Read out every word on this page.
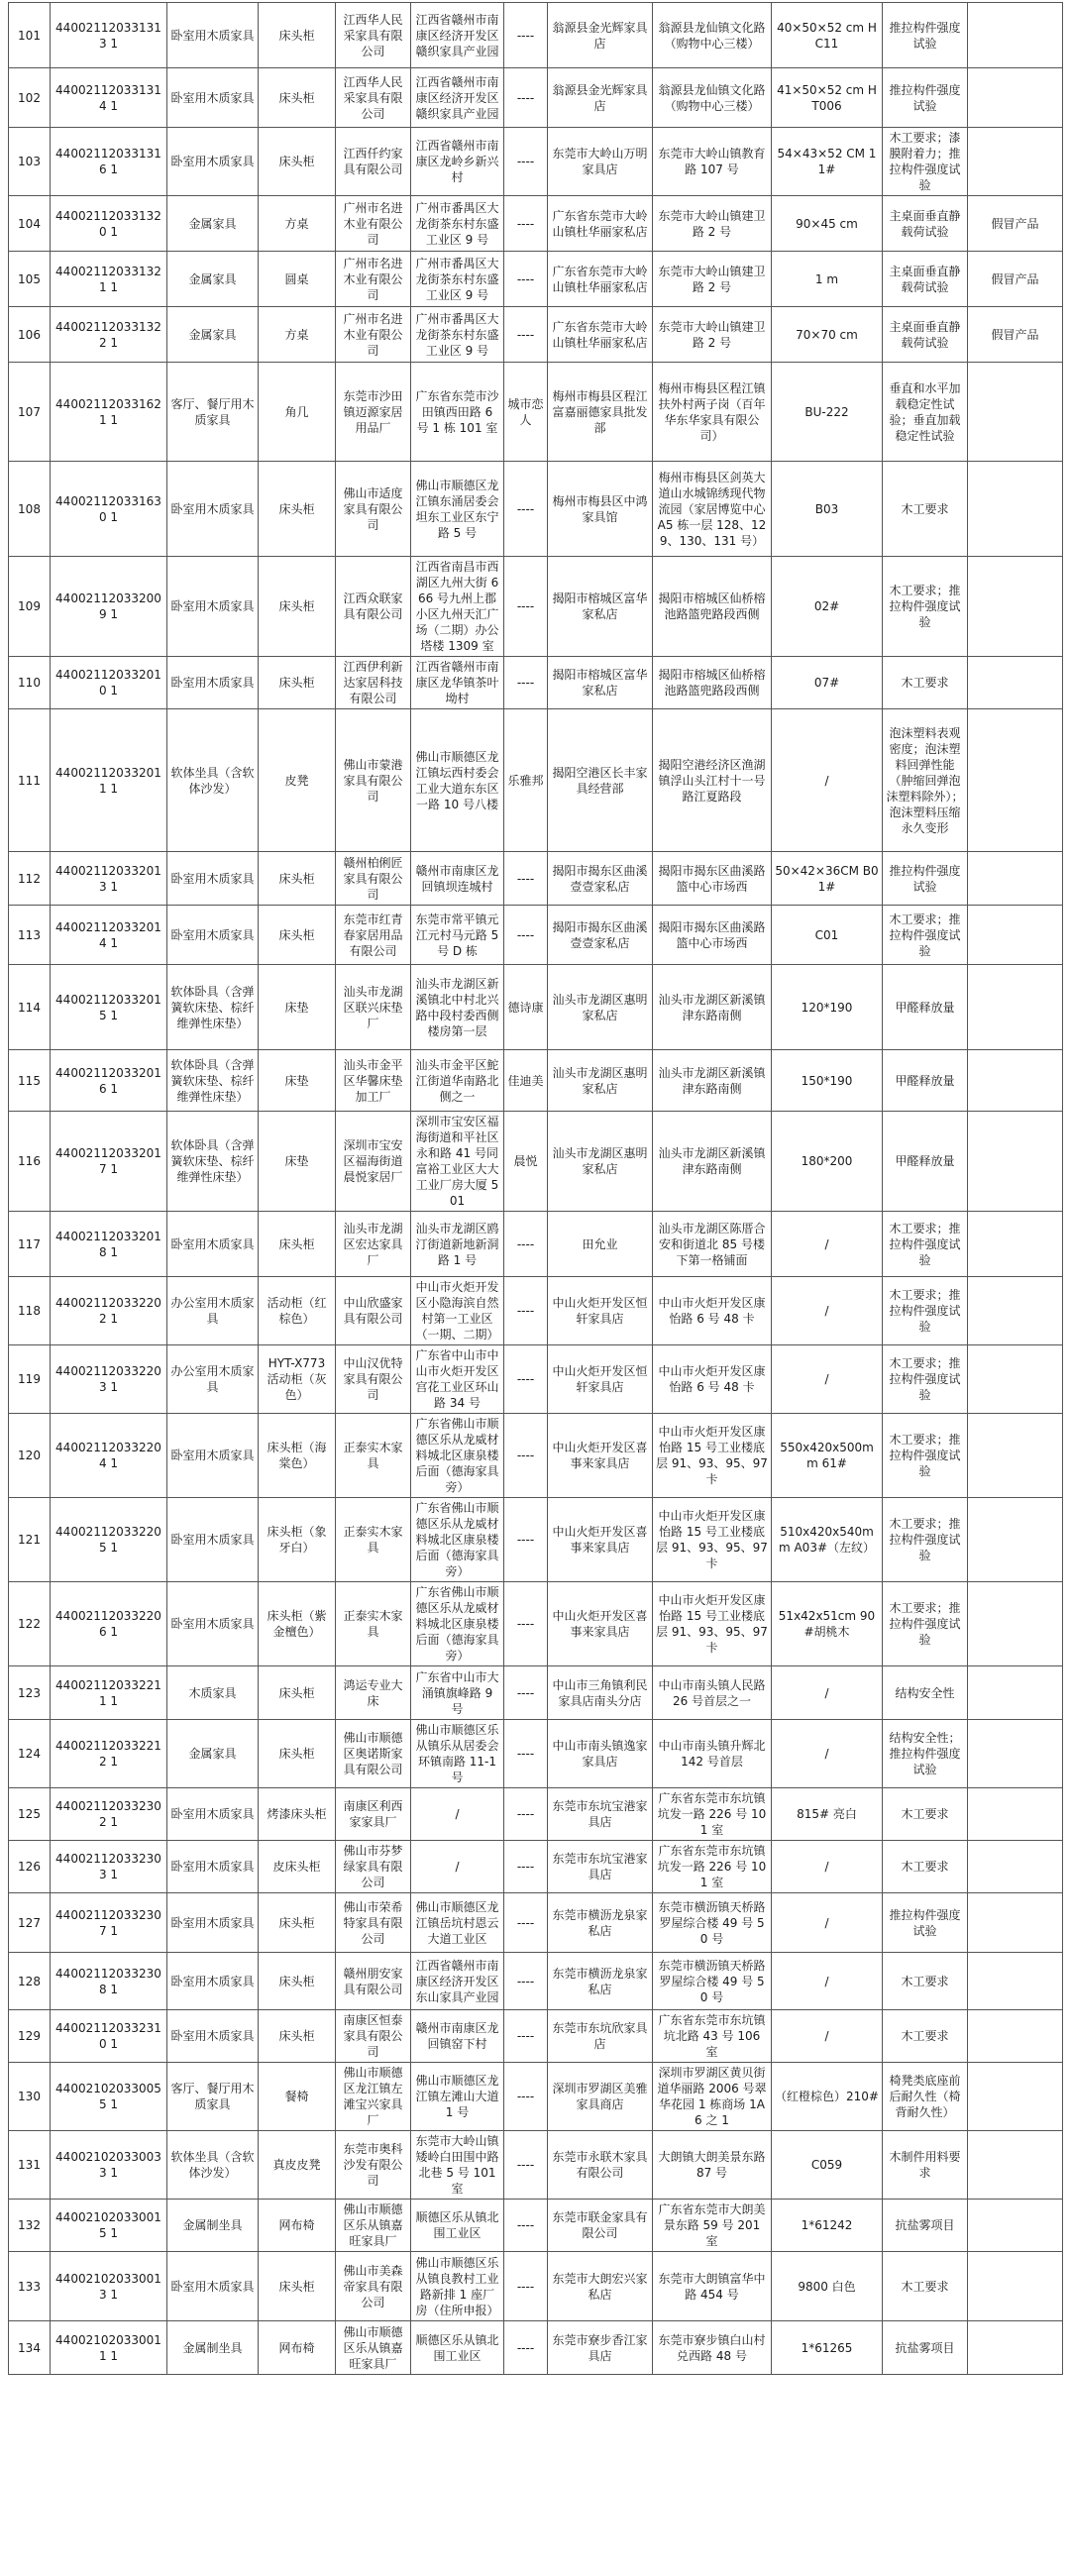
101	440021120331313 1	卧室用木质家具	床头柜	江西华人民采家具有限公司	江西省赣州市南康区经济开发区赣织家具产业园	----	翁源县金光辉家具店	翁源县龙仙镇文化路（购物中心三楼）	40×50×52 cm HC11	推拉构件强度试验	
102	440021120331314 1	卧室用木质家具	床头柜	江西华人民采家具有限公司	江西省赣州市南康区经济开发区赣织家具产业园	----	翁源县金光辉家具店	翁源县龙仙镇文化路（购物中心三楼）	41×50×52 cm HT006	推拉构件强度试验	
103	440021120331316 1	卧室用木质家具	床头柜	江西仟约家具有限公司	江西省赣州市南康区龙岭乡新兴村	----	东莞市大岭山万明家具店	东莞市大岭山镇教育路 107 号	54×43×52 CM 11#	木工要求；漆膜附着力；推拉构件强度试验	
104	440021120331320 1	金属家具	方桌	广州市名进木业有限公司	广州市番禺区大龙街茶东村东盛工业区 9 号	----	广东省东莞市大岭山镇杜华丽家私店	东莞市大岭山镇建卫路 2 号	90×45 cm	主桌面垂直静载荷试验	假冒产品
105	440021120331321 1	金属家具	圆桌	广州市名进木业有限公司	广州市番禺区大龙街茶东村东盛工业区 9 号	----	广东省东莞市大岭山镇杜华丽家私店	东莞市大岭山镇建卫路 2 号	1 m	主桌面垂直静载荷试验	假冒产品
106	440021120331322 1	金属家具	方桌	广州市名进木业有限公司	广州市番禺区大龙街茶东村东盛工业区 9 号	----	广东省东莞市大岭山镇杜华丽家私店	东莞市大岭山镇建卫路 2 号	70×70 cm	主桌面垂直静载荷试验	假冒产品
107	440021120331621 1	客厅、餐厅用木质家具	角几	东莞市沙田镇迈源家居用品厂	广东省东莞市沙田镇西田路 6 号 1 栋 101 室	城市恋人	梅州市梅县区程江富嘉丽德家具批发部	梅州市梅县区程江镇扶外村两子岗（百年华东华家具有限公司）	BU-222	垂直和水平加载稳定性试验；垂直加载稳定性试验	
108	440021120331630 1	卧室用木质家具	床头柜	佛山市适度家具有限公司	佛山市顺德区龙江镇东涌居委会坦东工业区东宁路 5 号	----	梅州市梅县区中鸿家具馆	梅州市梅县区剑英大道山水城锦绣现代物流园（家居博览中心 A5 栋一层 128、129、130、131 号）	B03	木工要求	
109	440021120332009 1	卧室用木质家具	床头柜	江西众联家具有限公司	江西省南昌市西湖区九州大街 666 号九州上郡小区九州天汇广场（二期）办公塔楼 1309 室	----	揭阳市榕城区富华家私店	揭阳市榕城区仙桥榕池路篮兜路段西侧	02#	木工要求；推拉构件强度试验	
110	440021120332010 1	卧室用木质家具	床头柜	江西伊利新达家居科技有限公司	江西省赣州市南康区龙华镇茶叶坳村	----	揭阳市榕城区富华家私店	揭阳市榕城区仙桥榕池路篮兜路段西侧	07#	木工要求	
111	440021120332011 1	软体坐具（含软体沙发）	皮凳	佛山市蒙港家具有限公司	佛山市顺德区龙江镇坛西村委会工业大道东东区一路 10 号八楼	乐雅邦	揭阳空港区长丰家具经营部	揭阳空港经济区渔湖镇浮山头江村十一号路江夏路段	/	泡沫塑料表观密度；泡沫塑料回弹性能（肿缩回弹泡沫塑料除外）；泡沫塑料压缩永久变形	
112	440021120332013 1	卧室用木质家具	床头柜	赣州柏俐匠家具有限公司	赣州市南康区龙回镇坝连城村	----	揭阳市揭东区曲溪壹壹家私店	揭阳市揭东区曲溪路篮中心市场西	50×42×36CM B01#	推拉构件强度试验	
113	440021120332014 1	卧室用木质家具	床头柜	东莞市红青春家居用品有限公司	东莞市常平镇元江元村马元路 5 号 D 栋	----	揭阳市揭东区曲溪壹壹家私店	揭阳市揭东区曲溪路篮中心市场西	C01	木工要求；推拉构件强度试验	
114	440021120332015 1	软体卧具（含弹簧软床垫、棕纤维弹性床垫）	床垫	汕头市龙湖区联兴床垫厂	汕头市龙湖区新溪镇北中村北兴路中段村委西侧楼房第一层	德诗康	汕头市龙湖区惠明家私店	汕头市龙湖区新溪镇津东路南侧	120*190	甲醛释放量	
115	440021120332016 1	软体卧具（含弹簧软床垫、棕纤维弹性床垫）	床垫	汕头市金平区华馨床垫加工厂	汕头市金平区鮀江街道华南路北侧之一	佳迪美	汕头市龙湖区惠明家私店	汕头市龙湖区新溪镇津东路南侧	150*190	甲醛释放量	
116	440021120332017 1	软体卧具（含弹簧软床垫、棕纤维弹性床垫）	床垫	深圳市宝安区福海街道晨悦家居厂	深圳市宝安区福海街道和平社区永和路 41 号同富裕工业区大大工业厂房大厦 501	晨悦	汕头市龙湖区惠明家私店	汕头市龙湖区新溪镇津东路南侧	180*200	甲醛释放量	
117	440021120332018 1	卧室用木质家具	床头柜	汕头市龙湖区宏达家具厂	汕头市龙湖区鸥汀街道新地新洞路 1 号	----	田允业	汕头市龙湖区陈厝合安和街道北 85 号楼下第一格铺面	/	木工要求；推拉构件强度试验	
118	440021120332202 1	办公室用木质家具	活动柜（红棕色）	中山欣盛家具有限公司	中山市火炬开发区小隐海滨自然村第一工业区（一期、二期）	----	中山火炬开发区恒轩家具店	中山市火炬开发区康怡路 6 号 48 卡	/	木工要求；推拉构件强度试验	
119	440021120332203 1	办公室用木质家具	HYT-X773 活动柜（灰色）	中山汉优特家具有限公司	广东省中山市中山市火炬开发区宫花工业区环山路 34 号	----	中山火炬开发区恒轩家具店	中山市火炬开发区康怡路 6 号 48 卡	/	木工要求；推拉构件强度试验	
120	440021120332204 1	卧室用木质家具	床头柜（海棠色）	正泰实木家具	广东省佛山市顺德区乐从龙威材料城北区康泉楼后面（德海家具旁）	----	中山火炬开发区喜事来家具店	中山市火炬开发区康怡路 15 号工业楼底层 91、93、95、97 卡	550x420x500mm 61#	木工要求；推拉构件强度试验	
121	440021120332205 1	卧室用木质家具	床头柜（象牙白）	正泰实木家具	广东省佛山市顺德区乐从龙威材料城北区康泉楼后面（德海家具旁）	----	中山火炬开发区喜事来家具店	中山市火炬开发区康怡路 15 号工业楼底层 91、93、95、97 卡	510x420x540mm A03#（左纹）	木工要求；推拉构件强度试验	
122	440021120332206 1	卧室用木质家具	床头柜（紫金檀色）	正泰实木家具	广东省佛山市顺德区乐从龙威材料城北区康泉楼后面（德海家具旁）	----	中山火炬开发区喜事来家具店	中山市火炬开发区康怡路 15 号工业楼底层 91、93、95、97 卡	51x42x51cm 90#胡桃木	木工要求；推拉构件强度试验	
123	440021120332211 1	木质家具	床头柜	鸿运专业大床	广东省中山市大涌镇旗峰路 9 号	----	中山市三角镇利民家具店南头分店	中山市南头镇人民路 26 号首层之一	/	结构安全性	
124	440021120332212 1	金属家具	床头柜	佛山市顺德区奥诺斯家具有限公司	佛山市顺德区乐从镇乐从居委会环镇南路 11-1 号	----	中山市南头镇逸家家具店	中山市南头镇升辉北 142 号首层	/	结构安全性；推拉构件强度试验	
125	440021120332302 1	卧室用木质家具	烤漆床头柜	南康区利西家家具厂	/	----	东莞市东坑宝港家具店	广东省东莞市东坑镇坑发一路 226 号 101 室	815# 亮白	木工要求	
126	440021120332303 1	卧室用木质家具	皮床头柜	佛山市芬梦绿家具有限公司	/	----	东莞市东坑宝港家具店	广东省东莞市东坑镇坑发一路 226 号 101 室	/	木工要求	
127	440021120332307 1	卧室用木质家具	床头柜	佛山市荣希特家具有限公司	佛山市顺德区龙江镇岳坑村恩云大道工业区	----	东莞市横沥龙泉家私店	东莞市横沥镇天桥路罗屋综合楼 49 号 50 号	/	推拉构件强度试验	
128	440021120332308 1	卧室用木质家具	床头柜	赣州朋安家具有限公司	江西省赣州市南康区经济开发区东山家具产业园	----	东莞市横沥龙泉家私店	东莞市横沥镇天桥路罗屋综合楼 49 号 50 号	/	木工要求	
129	440021120332310 1	卧室用木质家具	床头柜	南康区恒泰家具有限公司	赣州市南康区龙回镇窑下村	----	东莞市东坑欣家具店	广东省东莞市东坑镇坑北路 43 号 106 室	/	木工要求	
130	440021020330055 1	客厅、餐厅用木质家具	餐椅	佛山市顺德区龙江镇左滩宝兴家具厂	佛山市顺德区龙江镇左滩山大道 1 号	----	深圳市罗湖区美雅家具商店	深圳市罗湖区黄贝街道华丽路 2006 号翠华花园 1 栋商场 1A6 之 1	（红橙棕色）210#	椅凳类底座前后耐久性（椅背耐久性）	
131	440021020330033 1	软体坐具（含软体沙发）	真皮皮凳	东莞市奥科沙发有限公司	东莞市大岭山镇矮岭白田围中路北巷 5 号 101 室	----	东莞市永联木家具有限公司	大朗镇大朗美景东路 87 号	C059	木制件用料要求	
132	440021020330015 1	金属制坐具	网布椅	佛山市顺德区乐从镇嘉旺家具厂	顺德区乐从镇北围工业区	----	东莞市联金家具有限公司	广东省东莞市大朗美景东路 59 号 201 室	1*61242	抗盐雾项目	
133	440021020330013 1	卧室用木质家具	床头柜	佛山市美森帝家具有限公司	佛山市顺德区乐从镇良教村工业路新排 1 座厂房（住所申报）	----	东莞市大朗宏兴家私店	东莞市大朗镇富华中路 454 号	9800 白色	木工要求	
134	440021020330011 1	金属制坐具	网布椅	佛山市顺德区乐从镇嘉旺家具厂	顺德区乐从镇北围工业区	----	东莞市寮步香江家具店	东莞市寮步镇白山村兑西路 48 号	1*61265	抗盐雾项目	
